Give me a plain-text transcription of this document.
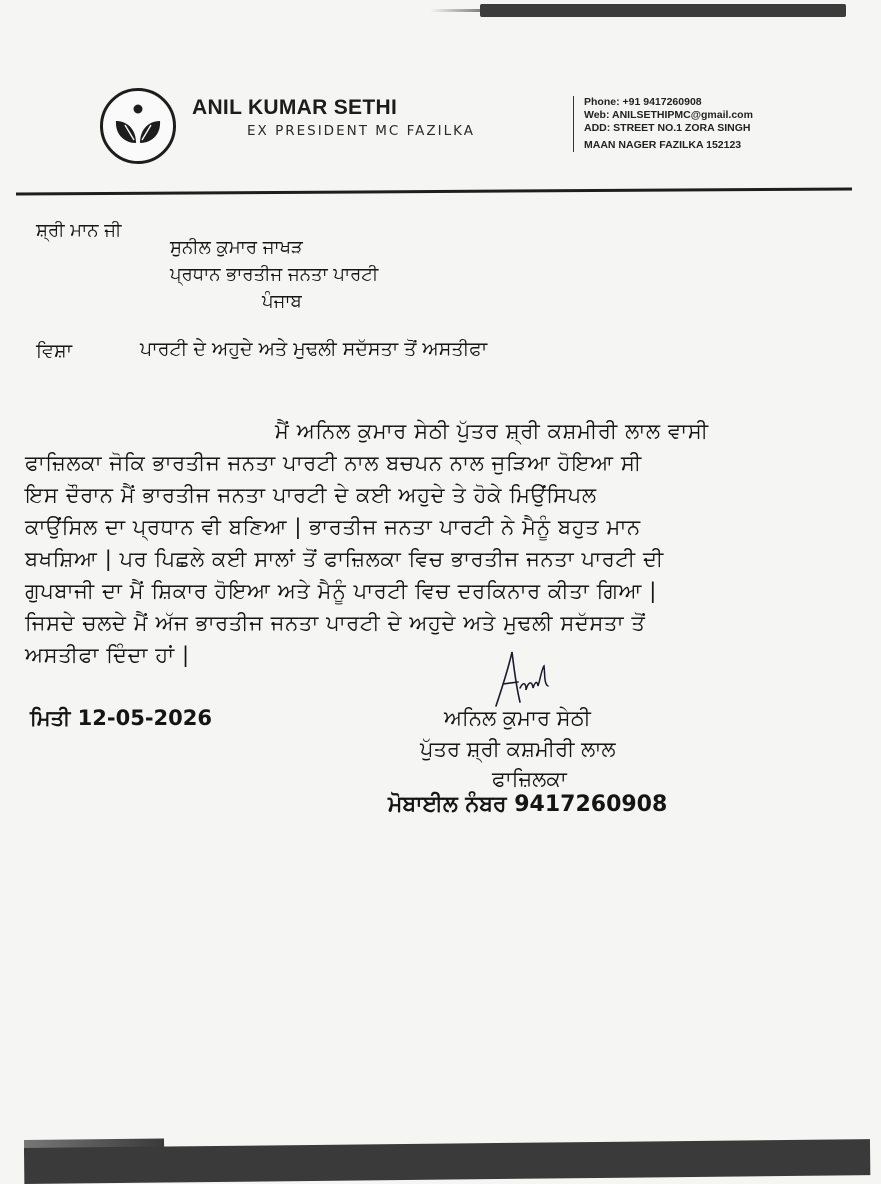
ANIL KUMAR SETHI
EX PRESIDENT MC FAZILKA
Phone: +91 9417260908
Web: ANILSETHIPMC@gmail.com
ADD: STREET NO.1 ZORA SINGH
MAAN NAGER FAZILKA 152123
ਸ਼੍ਰੀ ਮਾਨ ਜੀ
ਸੁਨੀਲ ਕੁਮਾਰ ਜਾਖੜ
ਪ੍ਰਧਾਨ ਭਾਰਤੀਜ ਜਨਤਾ ਪਾਰਟੀ
ਪੰਜਾਬ
ਵਿਸ਼ਾ	ਪਾਰਟੀ ਦੇ ਅਹੁਦੇ ਅਤੇ ਮੁਢਲੀ ਸਦੱਸਤਾ ਤੋਂ ਅਸਤੀਫਾ
ਮੈਂ ਅਨਿਲ ਕੁਮਾਰ ਸੇਠੀ ਪੁੱਤਰ ਸ਼੍ਰੀ ਕਸ਼ਮੀਰੀ ਲਾਲ ਵਾਸੀ
ਫਾਜ਼ਿਲਕਾ ਜੋਕਿ ਭਾਰਤੀਜ ਜਨਤਾ ਪਾਰਟੀ ਨਾਲ ਬਚਪਨ ਨਾਲ ਜੁੜਿਆ ਹੋਇਆ ਸੀ
ਇਸ ਦੌਰਾਨ ਮੈਂ ਭਾਰਤੀਜ ਜਨਤਾ ਪਾਰਟੀ ਦੇ ਕਈ ਅਹੁਦੇ ਤੇ ਹੋਕੇ ਮਿਉਂਸਿਪਲ
ਕਾਉਂਸਿਲ ਦਾ ਪ੍ਰਧਾਨ ਵੀ ਬਣਿਆ | ਭਾਰਤੀਜ ਜਨਤਾ ਪਾਰਟੀ ਨੇ ਮੈਨੂੰ ਬਹੁਤ ਮਾਨ
ਬਖਸ਼ਿਆ | ਪਰ ਪਿਛਲੇ ਕਈ ਸਾਲਾਂ ਤੋਂ ਫਾਜ਼ਿਲਕਾ ਵਿਚ ਭਾਰਤੀਜ ਜਨਤਾ ਪਾਰਟੀ ਦੀ
ਗੁਪਬਾਜੀ ਦਾ ਮੈਂ ਸ਼ਿਕਾਰ ਹੋਇਆ ਅਤੇ ਮੈਨੂੰ ਪਾਰਟੀ ਵਿਚ ਦਰਕਿਨਾਰ ਕੀਤਾ ਗਿਆ |
ਜਿਸਦੇ ਚਲਦੇ ਮੈਂ ਅੱਜ ਭਾਰਤੀਜ ਜਨਤਾ ਪਾਰਟੀ ਦੇ ਅਹੁਦੇ ਅਤੇ ਮੁਢਲੀ ਸਦੱਸਤਾ ਤੋਂ
ਅਸਤੀਫਾ ਦਿੰਦਾ ਹਾਂ |
ਮਿਤੀ 12-05-2026	ਅਨਿਲ ਕੁਮਾਰ ਸੇਠੀ
ਪੁੱਤਰ ਸ਼੍ਰੀ ਕਸ਼ਮੀਰੀ ਲਾਲ
ਫਾਜ਼ਿਲਕਾ
ਮੋਬਾਈਲ ਨੰਬਰ 9417260908
